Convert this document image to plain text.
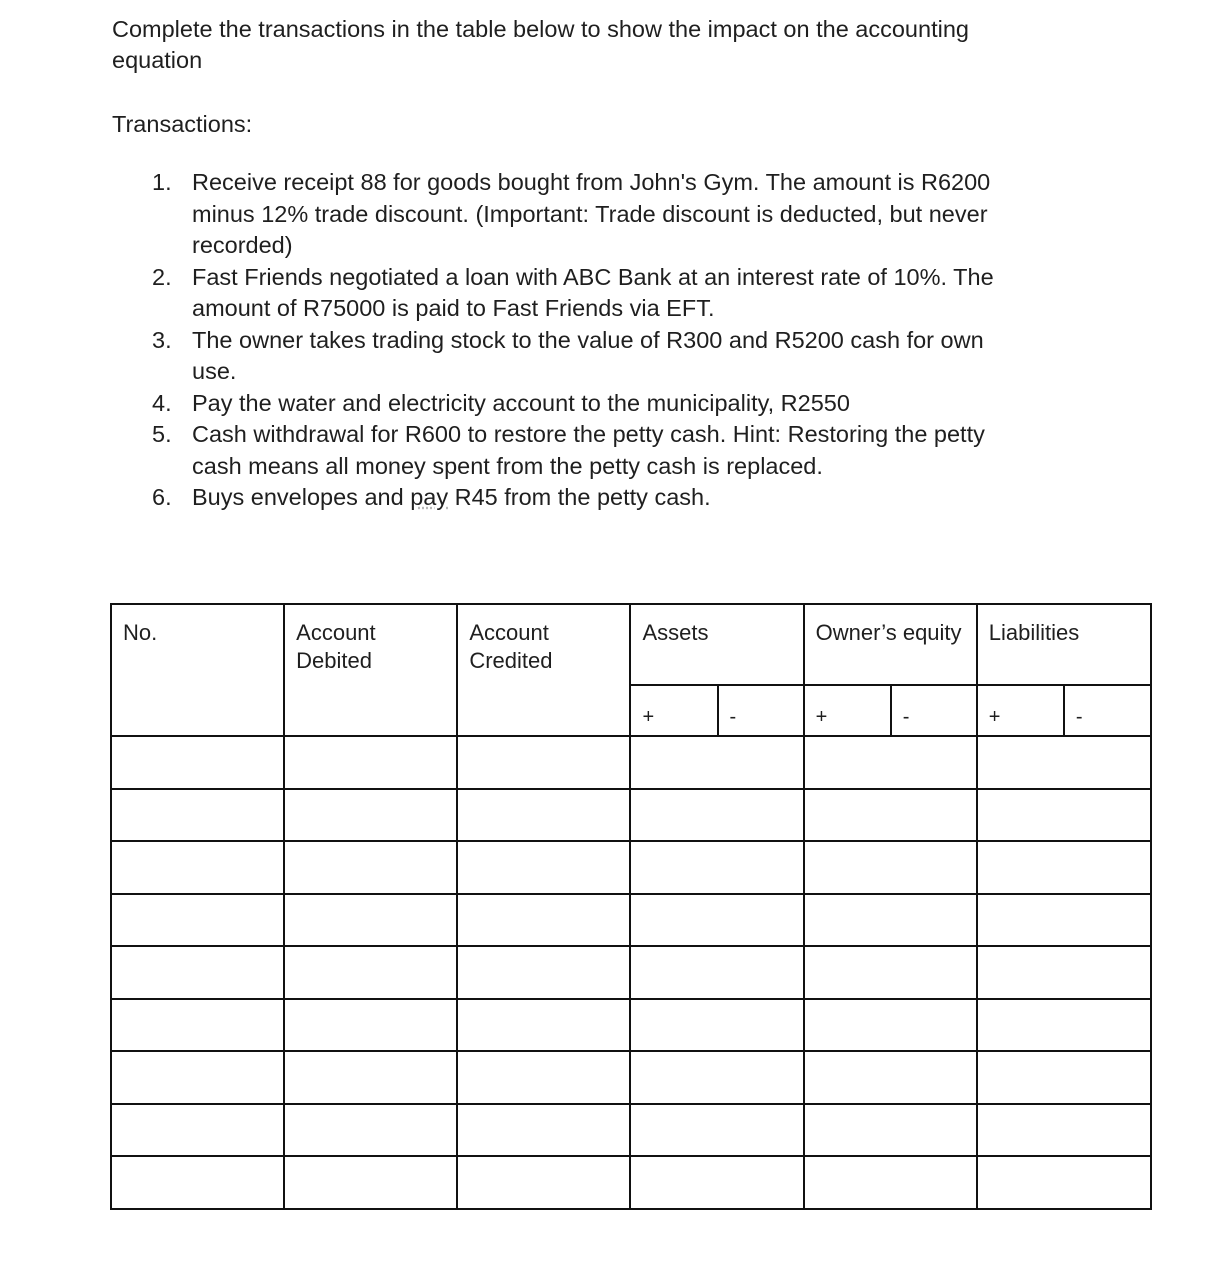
Complete the transactions in the table below to show the impact on the accounting equation
Transactions:
1. Receive receipt 88 for goods bought from John's Gym. The amount is R6200 minus 12% trade discount. (Important: Trade discount is deducted, but never recorded)
2. Fast Friends negotiated a loan with ABC Bank at an interest rate of 10%. The amount of R75000 is paid to Fast Friends via EFT.
3. The owner takes trading stock to the value of R300 and R5200 cash for own use.
4. Pay the water and electricity account to the municipality, R2550
5. Cash withdrawal for R600 to restore the petty cash. Hint: Restoring the petty cash means all money spent from the petty cash is replaced.
6. Buys envelopes and pay R45 from the petty cash.
No.	Account Debited	Account Credited	Assets		Owner’s equity		Liabilities	
			+	-	+	-	+	-
